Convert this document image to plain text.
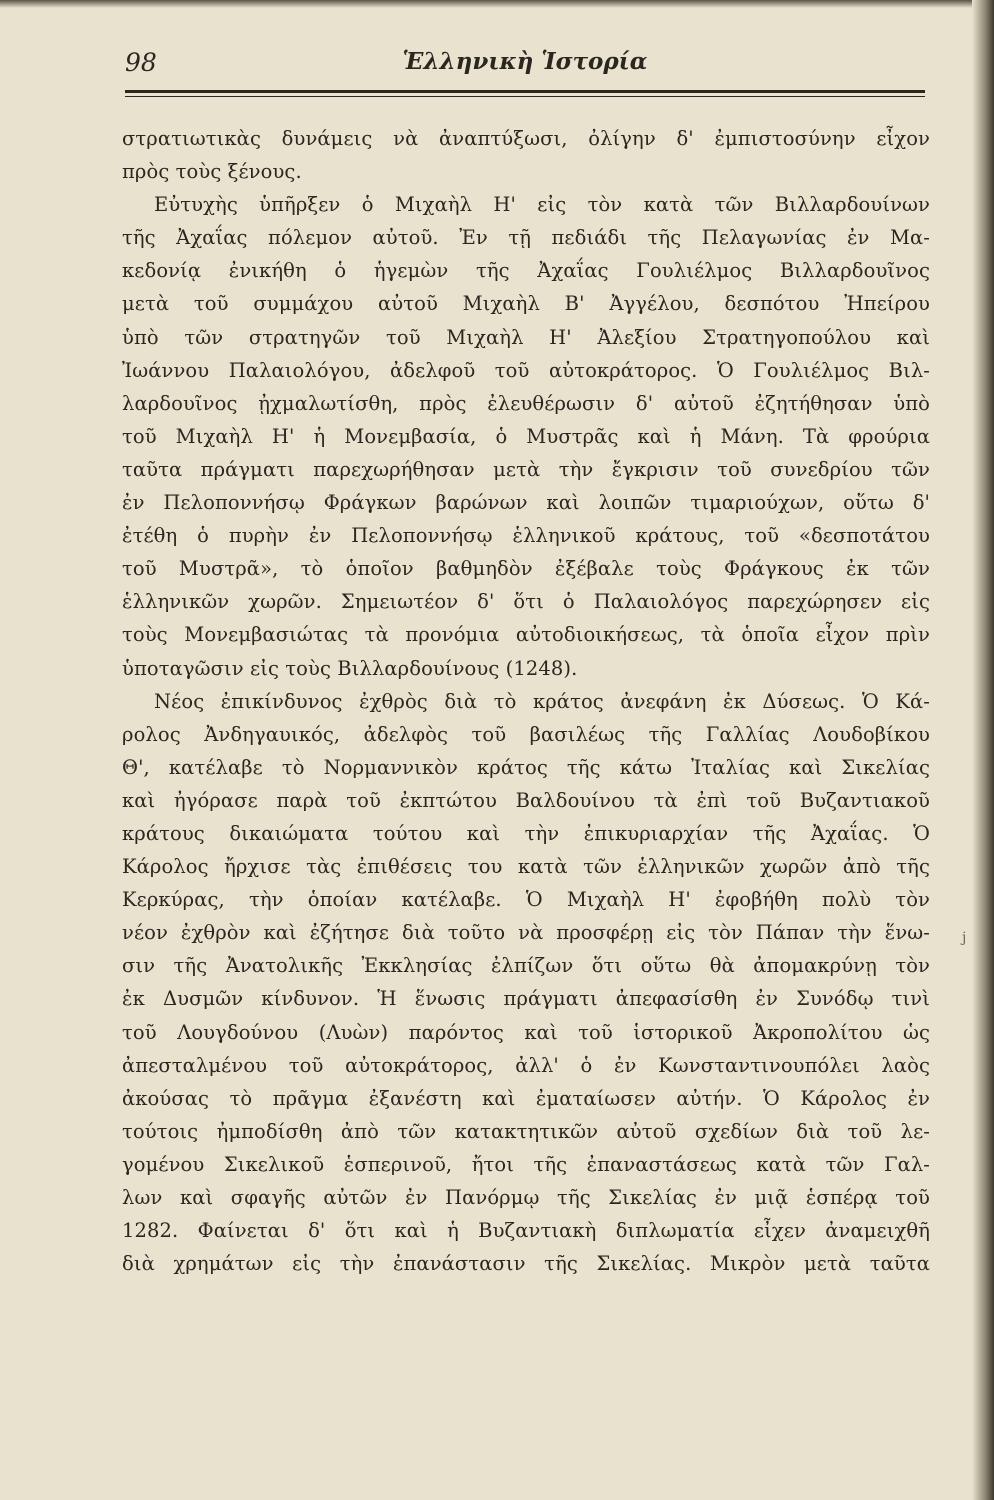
98	Ἑλληνικὴ Ἱστορία
στρατιωτικὰς δυνάμεις νὰ ἀναπτύξωσι, ὀλίγην δ' ἐμπιστοσύνην εἶχον
πρὸς τοὺς ξένους.
Εὐτυχὴς ὑπῆρξεν ὁ Μιχαὴλ Η' εἰς τὸν κατὰ τῶν Βιλλαρδουίνων
τῆς Ἀχαΐας πόλεμον αὐτοῦ. Ἐν τῇ πεδιάδι τῆς Πελαγωνίας ἐν Μα-
κεδονίᾳ ἐνικήθη ὁ ἡγεμὼν τῆς Ἀχαΐας Γουλιέλμος Βιλλαρδουῖνος
μετὰ τοῦ συμμάχου αὐτοῦ Μιχαὴλ Β' Ἀγγέλου, δεσπότου Ἠπείρου
ὑπὸ τῶν στρατηγῶν τοῦ Μιχαὴλ Η' Ἀλεξίου Στρατηγοπούλου καὶ
Ἰωάννου Παλαιολόγου, ἀδελφοῦ τοῦ αὐτοκράτορος. Ὁ Γουλιέλμος Βιλ-
λαρδουῖνος ᾐχμαλωτίσθη, πρὸς ἐλευθέρωσιν δ' αὐτοῦ ἐζητήθησαν ὑπὸ
τοῦ Μιχαὴλ Η' ἡ Μονεμβασία, ὁ Μυστρᾶς καὶ ἡ Μάνη. Τὰ φρούρια
ταῦτα πράγματι παρεχωρήθησαν μετὰ τὴν ἔγκρισιν τοῦ συνεδρίου τῶν
ἐν Πελοποννήσῳ Φράγκων βαρώνων καὶ λοιπῶν τιμαριούχων, οὕτω δ'
ἐτέθη ὁ πυρὴν ἐν Πελοποννήσῳ ἑλληνικοῦ κράτους, τοῦ «δεσποτάτου
τοῦ Μυστρᾶ», τὸ ὁποῖον βαθμηδὸν ἐξέβαλε τοὺς Φράγκους ἐκ τῶν
ἑλληνικῶν χωρῶν. Σημειωτέον δ' ὅτι ὁ Παλαιολόγος παρεχώρησεν εἰς
τοὺς Μονεμβασιώτας τὰ προνόμια αὐτοδιοικήσεως, τὰ ὁποῖα εἶχον πρὶν
ὑποταγῶσιν εἰς τοὺς Βιλλαρδουίνους (1248).
Νέος ἐπικίνδυνος ἐχθρὸς διὰ τὸ κράτος ἀνεφάνη ἐκ Δύσεως. Ὁ Κά-
ρολος Ἀνδηγαυικός, ἀδελφὸς τοῦ βασιλέως τῆς Γαλλίας Λουδοβίκου
Θ', κατέλαβε τὸ Νορμαννικὸν κράτος τῆς κάτω Ἰταλίας καὶ Σικελίας
καὶ ἠγόρασε παρὰ τοῦ ἐκπτώτου Βαλδουίνου τὰ ἐπὶ τοῦ Βυζαντιακοῦ
κράτους δικαιώματα τούτου καὶ τὴν ἐπικυριαρχίαν τῆς Ἀχαΐας. Ὁ
Κάρολος ἤρχισε τὰς ἐπιθέσεις του κατὰ τῶν ἑλληνικῶν χωρῶν ἀπὸ τῆς
Κερκύρας, τὴν ὁποίαν κατέλαβε. Ὁ Μιχαὴλ Η' ἐφοβήθη πολὺ τὸν
νέον ἐχθρὸν καὶ ἐζήτησε διὰ τοῦτο νὰ προσφέρῃ εἰς τὸν Πάπαν τὴν ἕνω-
σιν τῆς Ἀνατολικῆς Ἐκκλησίας ἐλπίζων ὅτι οὕτω θὰ ἀπομακρύνῃ τὸν
ἐκ Δυσμῶν κίνδυνον. Ἡ ἕνωσις πράγματι ἀπεφασίσθη ἐν Συνόδῳ τινὶ
τοῦ Λουγδούνου (Λυὼν) παρόντος καὶ τοῦ ἱστορικοῦ Ἀκροπολίτου ὡς
ἀπεσταλμένου τοῦ αὐτοκράτορος, ἀλλ' ὁ ἐν Κωνσταντινουπόλει λαὸς
ἀκούσας τὸ πρᾶγμα ἐξανέστη καὶ ἐματαίωσεν αὐτήν. Ὁ Κάρολος ἐν
τούτοις ἠμποδίσθη ἀπὸ τῶν κατακτητικῶν αὐτοῦ σχεδίων διὰ τοῦ λε-
γομένου Σικελικοῦ ἑσπερινοῦ, ἤτοι τῆς ἐπαναστάσεως κατὰ τῶν Γαλ-
λων καὶ σφαγῆς αὐτῶν ἐν Πανόρμῳ τῆς Σικελίας ἐν μιᾷ ἑσπέρᾳ τοῦ
1282. Φαίνεται δ' ὅτι καὶ ἡ Βυζαντιακὴ διπλωματία εἶχεν ἀναμειχθῆ
διὰ χρημάτων εἰς τὴν ἐπανάστασιν τῆς Σικελίας. Μικρὸν μετὰ ταῦτα
j
